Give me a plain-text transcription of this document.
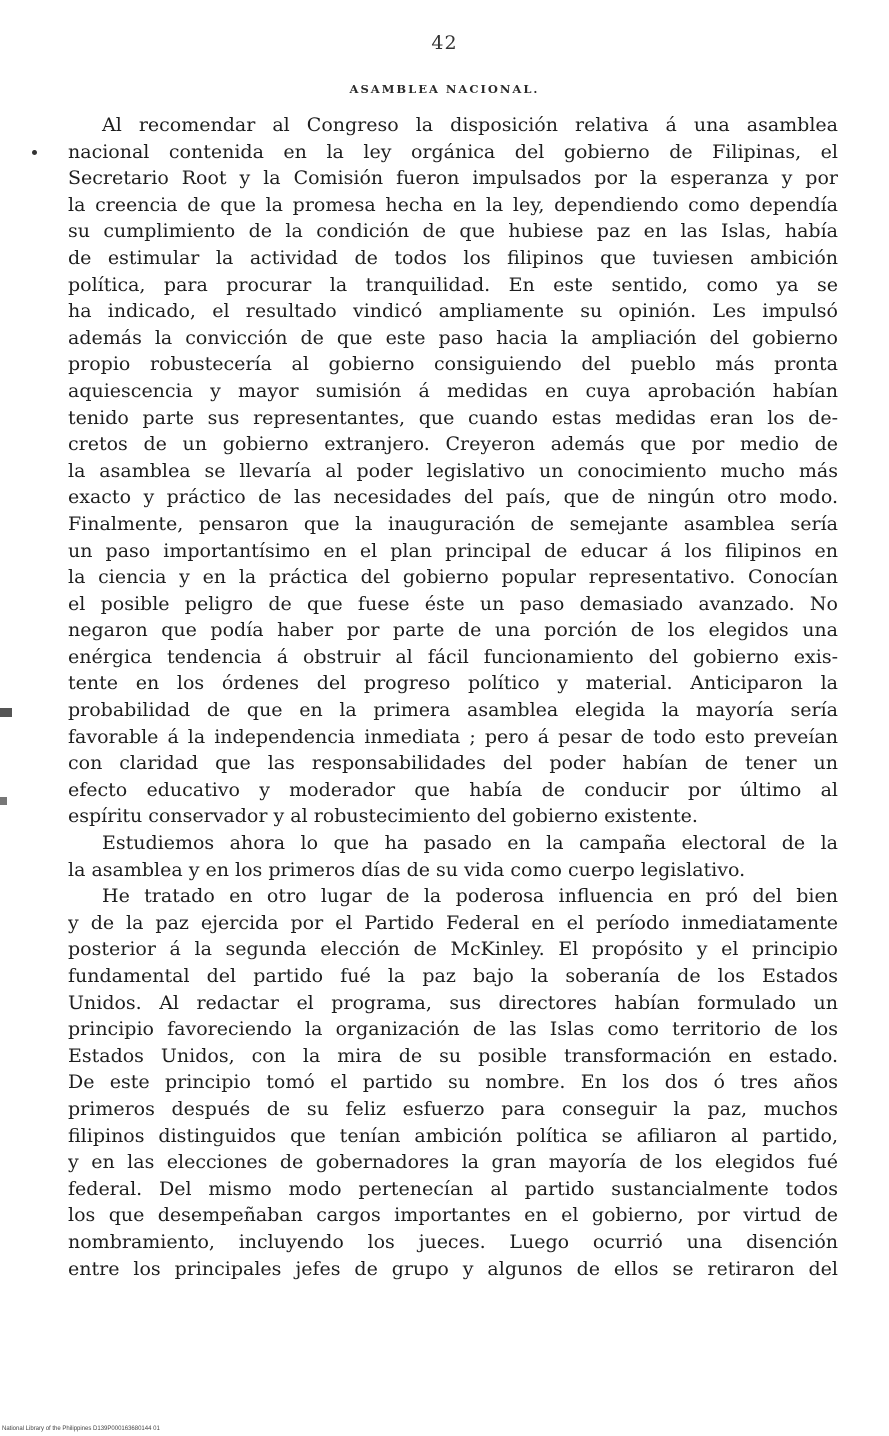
42
ASAMBLEA NACIONAL.
Al recomendar al Congreso la disposición relativa á una asamblea
nacional contenida en la ley orgánica del gobierno de Filipinas, el
Secretario Root y la Comisión fueron impulsados por la esperanza y por
la creencia de que la promesa hecha en la ley, dependiendo como dependía
su cumplimiento de la condición de que hubiese paz en las Islas, había
de estimular la actividad de todos los filipinos que tuviesen ambición
política, para procurar la tranquilidad. En este sentido, como ya se
ha indicado, el resultado vindicó ampliamente su opinión. Les impulsó
además la convicción de que este paso hacia la ampliación del gobierno
propio robustecería al gobierno consiguiendo del pueblo más pronta
aquiescencia y mayor sumisión á medidas en cuya aprobación habían
tenido parte sus representantes, que cuando estas medidas eran los de-
cretos de un gobierno extranjero. Creyeron además que por medio de
la asamblea se llevaría al poder legislativo un conocimiento mucho más
exacto y práctico de las necesidades del país, que de ningún otro modo.
Finalmente, pensaron que la inauguración de semejante asamblea sería
un paso importantísimo en el plan principal de educar á los filipinos en
la ciencia y en la práctica del gobierno popular representativo. Conocían
el posible peligro de que fuese éste un paso demasiado avanzado. No
negaron que podía haber por parte de una porción de los elegidos una
enérgica tendencia á obstruir al fácil funcionamiento del gobierno exis-
tente en los órdenes del progreso político y material. Anticiparon la
probabilidad de que en la primera asamblea elegida la mayoría sería
favorable á la independencia inmediata ; pero á pesar de todo esto preveían
con claridad que las responsabilidades del poder habían de tener un
efecto educativo y moderador que había de conducir por último al
espíritu conservador y al robustecimiento del gobierno existente.
Estudiemos ahora lo que ha pasado en la campaña electoral de la
la asamblea y en los primeros días de su vida como cuerpo legislativo.
He tratado en otro lugar de la poderosa influencia en pró del bien
y de la paz ejercida por el Partido Federal en el período inmediatamente
posterior á la segunda elección de McKinley. El propósito y el principio
fundamental del partido fué la paz bajo la soberanía de los Estados
Unidos. Al redactar el programa, sus directores habían formulado un
principio favoreciendo la organización de las Islas como territorio de los
Estados Unidos, con la mira de su posible transformación en estado.
De este principio tomó el partido su nombre. En los dos ó tres años
primeros después de su feliz esfuerzo para conseguir la paz, muchos
filipinos distinguidos que tenían ambición política se afiliaron al partido,
y en las elecciones de gobernadores la gran mayoría de los elegidos fué
federal. Del mismo modo pertenecían al partido sustancialmente todos
los que desempeñaban cargos importantes en el gobierno, por virtud de
nombramiento, incluyendo los jueces. Luego ocurrió una disención
entre los principales jefes de grupo y algunos de ellos se retiraron del
National Library of the Philippines D139P000163680144 01
